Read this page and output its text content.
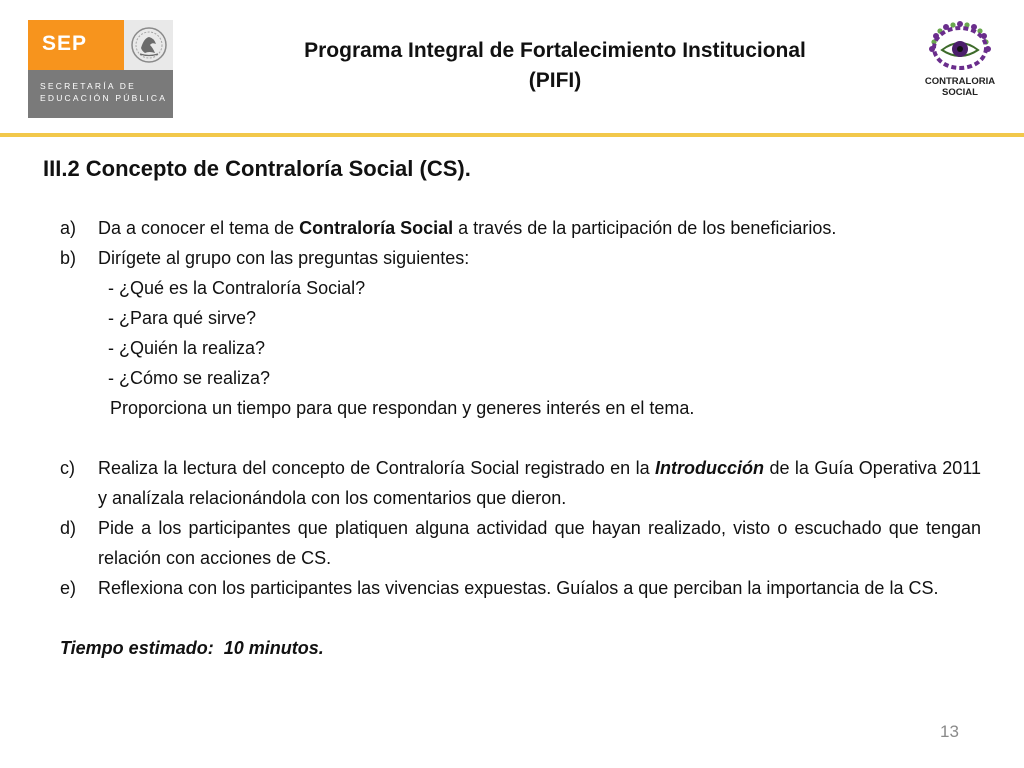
SEP
SECRETARÍA DE
EDUCACIÓN PÚBLICA
Programa Integral de Fortalecimiento Institucional
(PIFI)	CONTRALORIA
SOCIAL
III.2 Concepto de Contraloría Social (CS).
a) Da a conocer el tema de Contraloría Social a través de la participación de los beneficiarios.
b) Dirígete al grupo con las preguntas siguientes:
- ¿Qué es la Contraloría Social?
- ¿Para qué sirve?
- ¿Quién la realiza?
- ¿Cómo se realiza?
Proporciona un tiempo para que respondan y generes interés en el tema.
c) Realiza la lectura del concepto de Contraloría Social registrado en la Introducción de la Guía Operativa 2011 y analízala relacionándola con los comentarios que dieron.
d) Pide a los participantes que platiquen alguna actividad que hayan realizado, visto o escuchado que tengan relación con acciones de CS.
e) Reflexiona con los participantes las vivencias expuestas. Guíalos a que perciban la importancia de la CS.
Tiempo estimado: 10 minutos.
13
